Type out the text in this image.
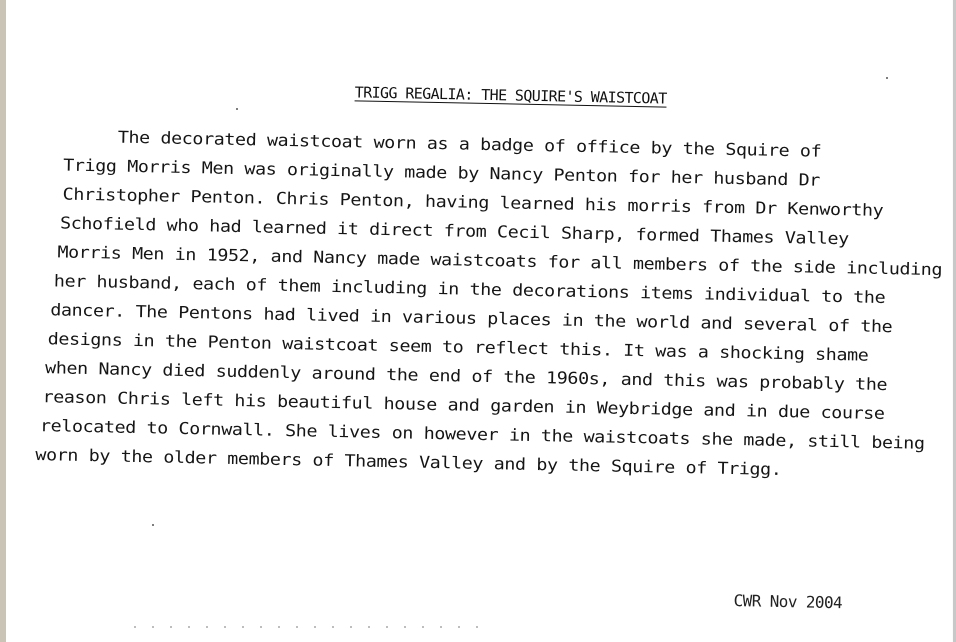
TRIGG REGALIA: THE SQUIRE'S WAISTCOAT
The decorated waistcoat worn as a badge of office by the Squire of
Trigg Morris Men was originally made by Nancy Penton for her husband Dr
Christopher Penton. Chris Penton, having learned his morris from Dr Kenworthy
Schofield who had learned it direct from Cecil Sharp, formed Thames Valley
Morris Men in 1952, and Nancy made waistcoats for all members of the side including
her husband, each of them including in the decorations items individual to the
dancer. The Pentons had lived in various places in the world and several of the
designs in the Penton waistcoat seem to reflect this. It was a shocking shame
when Nancy died suddenly around the end of the 1960s, and this was probably the
reason Chris left his beautiful house and garden in Weybridge and in due course
relocated to Cornwall. She lives on however in the waistcoats she made, still being
worn by the older members of Thames Valley and by the Squire of Trigg.
CWR Nov 2004
